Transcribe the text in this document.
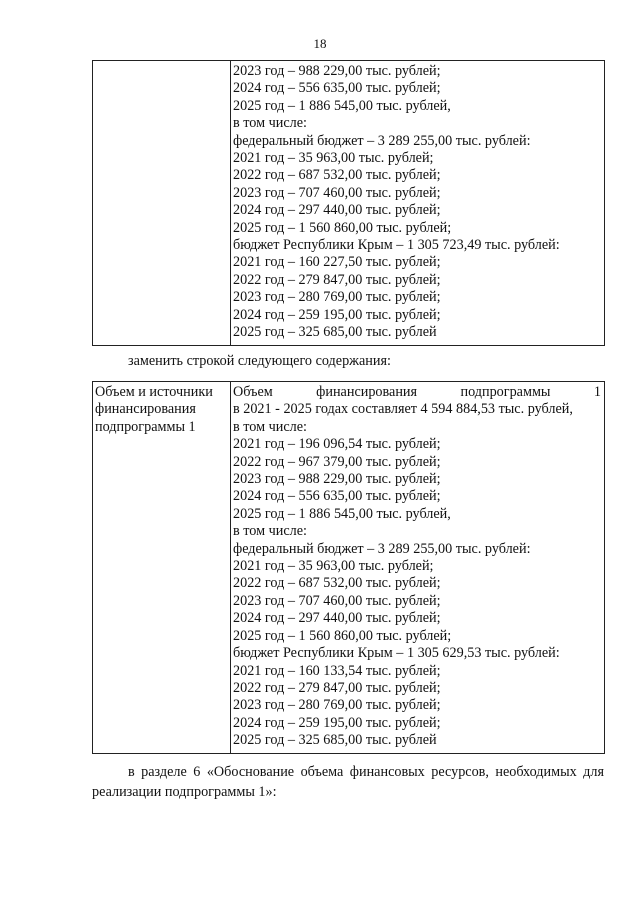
18

2023 год – 988 229,00 тыс. рублей;
2024 год – 556 635,00 тыс. рублей;
2025 год – 1 886 545,00 тыс. рублей,
в том числе:
федеральный бюджет – 3 289 255,00 тыс. рублей:
2021 год – 35 963,00 тыс. рублей;
2022 год – 687 532,00 тыс. рублей;
2023 год – 707 460,00 тыс. рублей;
2024 год – 297 440,00 тыс. рублей;
2025 год – 1 560 860,00 тыс. рублей;
бюджет Республики Крым – 1 305 723,49 тыс. рублей:
2021 год – 160 227,50 тыс. рублей;
2022 год – 279 847,00 тыс. рублей;
2023 год – 280 769,00 тыс. рублей;
2024 год – 259 195,00 тыс. рублей;
2025 год – 325 685,00 тыс. рублей
заменить строкой следующего содержания:
Объем и источники
финансирования
подпрограммы 1

Объем	финансирования	подпрограммы	1
в 2021 - 2025 годах составляет 4 594 884,53 тыс. рублей,
в том числе:
2021 год – 196 096,54 тыс. рублей;
2022 год – 967 379,00 тыс. рублей;
2023 год – 988 229,00 тыс. рублей;
2024 год – 556 635,00 тыс. рублей;
2025 год – 1 886 545,00 тыс. рублей,
в том числе:
федеральный бюджет – 3 289 255,00 тыс. рублей:
2021 год – 35 963,00 тыс. рублей;
2022 год – 687 532,00 тыс. рублей;
2023 год – 707 460,00 тыс. рублей;
2024 год – 297 440,00 тыс. рублей;
2025 год – 1 560 860,00 тыс. рублей;
бюджет Республики Крым – 1 305 629,53 тыс. рублей:
2021 год – 160 133,54 тыс. рублей;
2022 год – 279 847,00 тыс. рублей;
2023 год – 280 769,00 тыс. рублей;
2024 год – 259 195,00 тыс. рублей;
2025 год – 325 685,00 тыс. рублей
в разделе 6 «Обоснование объема финансовых ресурсов, необходимых для реализации подпрограммы 1»:
